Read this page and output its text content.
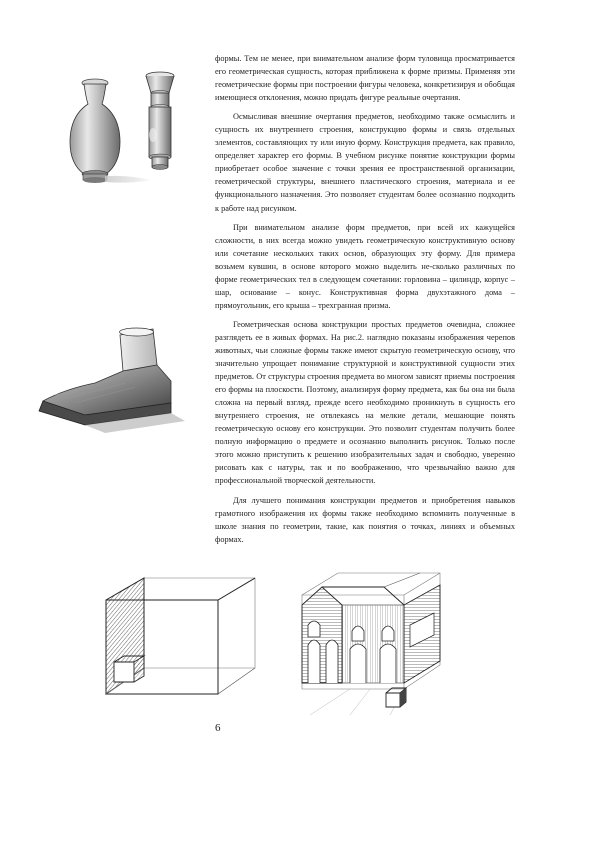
формы. Тем не менее, при внимательном анализе форм туловища просматривается его геометрическая сущность, которая приближена к форме призмы. Применяя эти геометрические формы при построении фигуры человека, конкретизируя и обобщая имеющиеся отклонения, можно придать фигуре реальные очертания.

Осмысливая внешние очертания предметов, необходимо также осмыслить и сущность их внутреннего строения, конструкцию формы и связь отдельных элементов, составляющих ту или иную форму. Конструкция предмета, как правило, определяет характер его формы. В учебном рисунке понятие конструкции формы приобретает особое значение с точки зрения ее пространственной организации, геометрической структуры, внешнего пластического строения, материала и ее функционального назначения. Это позволяет студентам более осознанно подходить к работе над рисунком.

При внимательном анализе форм предметов, при всей их кажущейся сложности, в них всегда можно увидеть геометрическую конструктивную основу или сочетание нескольких таких основ, образующих эту форму. Для примера возьмем кувшин, в основе которого можно выделить не-сколько различных по форме геометрических тел в следующем сочетании: горловина – цилиндр, корпус – шар, основание – конус. Конструктивная форма двухэтажного дома – прямоугольник, его крыша – трехгранная призма.

Геометрическая основа конструкции простых предметов очевидна, сложнее разглядеть ее в живых формах. На рис.2. наглядно показаны изображения черепов животных, чьи сложные формы также имеют скрытую геометрическую основу, что значительно упрощает понимание структурной и конструктивной сущности этих предметов. От структуры строения предмета во многом зависят приемы построения его формы на плоскости. Поэтому, анализируя форму предмета, как бы она ни была сложна на первый взгляд, прежде всего необходимо проникнуть в сущность его внутреннего строения, не отвлекаясь на мелкие детали, мешающие понять геометрическую основу его конструкции. Это позволит студентам получить более полную информацию о предмете и осознанно выполнить рисунок. Только после этого можно приступить к решению изобразительных задач и свободно, уверенно рисовать как с натуры, так и по воображению, что чрезвычайно важно для профессиональной творческой деятельности.

Для лучшего понимания конструкции предметов и приобретения навыков грамотного изображения их формы также необходимо вспомнить полученные в школе знания по геометрии, такие, как понятия о точках, линиях и объемных формах.

6
